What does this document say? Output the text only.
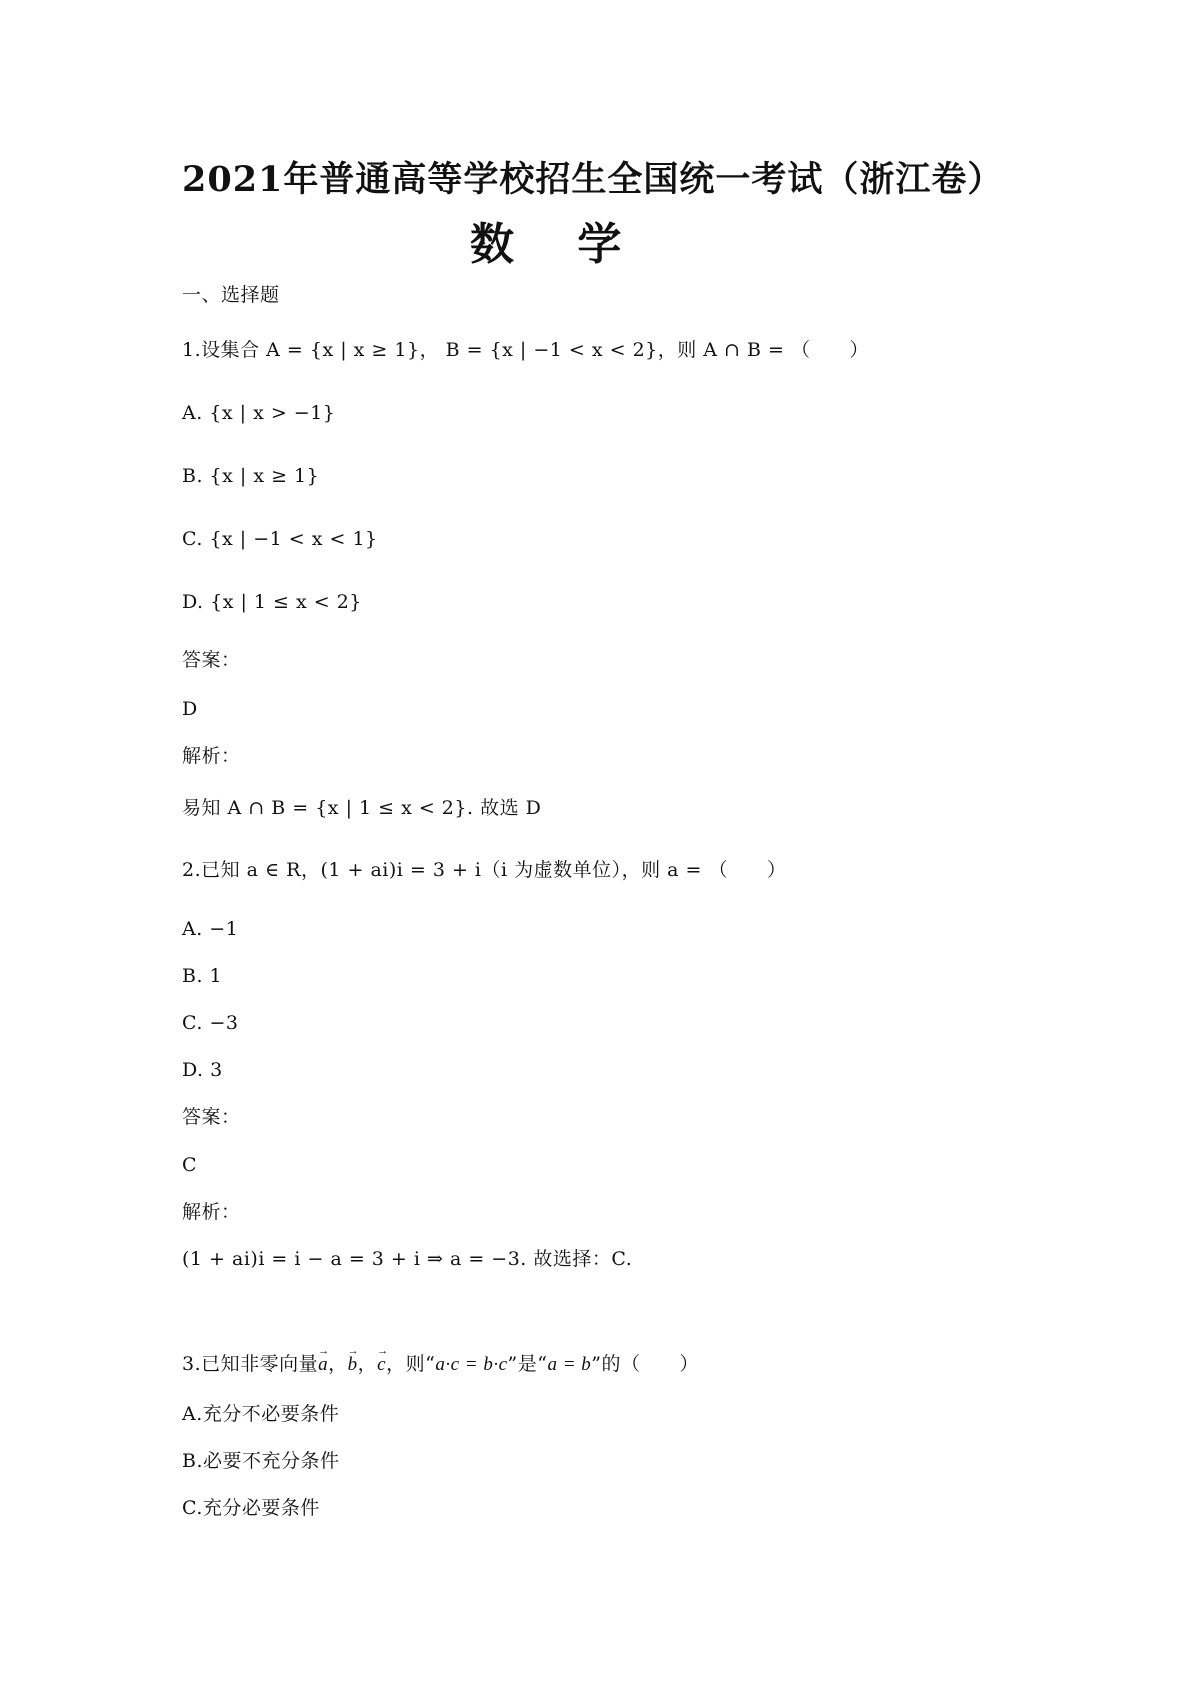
2021年普通高等学校招生全国统一考试（浙江卷）
数 学
一、选择题
1.设集合 A = {x | x ≥ 1}， B = {x | −1 < x < 2}，则 A ∩ B = （　　）
A. {x | x > −1}
B. {x | x ≥ 1}
C. {x | −1 < x < 1}
D. {x | 1 ≤ x < 2}
答案：
D
解析：
易知 A ∩ B = {x | 1 ≤ x < 2}. 故选 D
2.已知 a ∈ R，(1 + ai)i = 3 + i（i 为虚数单位），则 a = （　　）
A. −1
B. 1
C. −3
D. 3
答案：
C
解析：
(1 + ai)i = i − a = 3 + i ⇒ a = −3. 故选择：C.
3.已知非零向量→ a，→ b，→ c，则“a·c = b·c”是“a = b”的（　　）
A.充分不必要条件
B.必要不充分条件
C.充分必要条件
